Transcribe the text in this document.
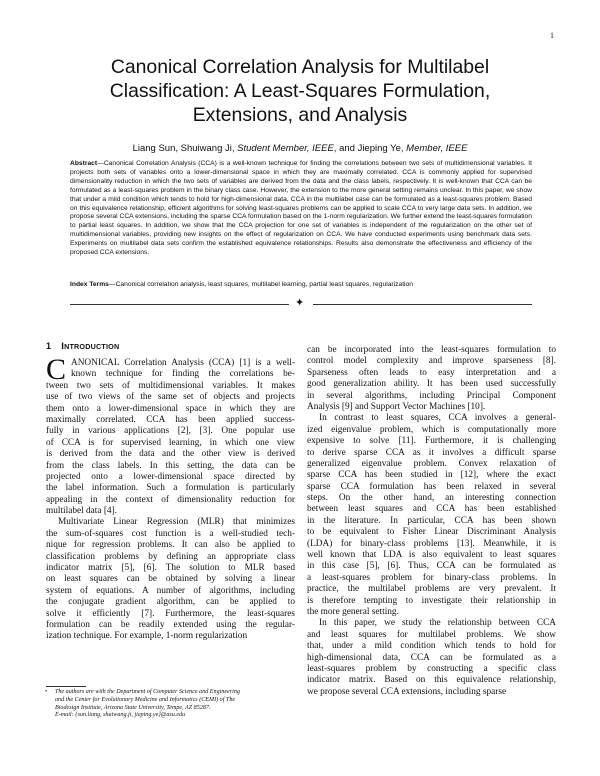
1
Canonical Correlation Analysis for Multilabel
Classification: A Least-Squares Formulation,
Extensions, and Analysis
Liang Sun, Shuiwang Ji, Student Member, IEEE, and Jieping Ye, Member, IEEE
Abstract—Canonical Correlation Analysis (CCA) is a well-known technique for finding the correlations between two sets of multidimensional variables. It projects both sets of variables onto a lower-dimensional space in which they are maximally correlated. CCA is commonly applied for supervised dimensionality reduction in which the two sets of variables are derived from the data and the class labels, respectively. It is well-known that CCA can be formulated as a least-squares problem in the binary class case. However, the extension to the more general setting remains unclear. In this paper, we show that under a mild condition which tends to hold for high-dimensional data, CCA in the multilabel case can be formulated as a least-squares problem. Based on this equivalence relationship, efficient algorithms for solving least-squares problems can be applied to scale CCA to very large data sets. In addition, we propose several CCA extensions, including the sparse CCA formulation based on the 1-norm regularization. We further extend the least-squares formulation to partial least squares. In addition, we show that the CCA projection for one set of variables is independent of the regularization on the other set of multidimensional variables, providing new insights on the effect of regularization on CCA. We have conducted experiments using benchmark data sets. Experiments on multilabel data sets confirm the established equivalence relationships. Results also demonstrate the effectiveness and efficiency of the proposed CCA extensions.
Index Terms—Canonical correlation analysis, least squares, multilabel learning, partial least squares, regularization
✦
1 INTRODUCTION
C ANONICAL Correlation Analysis (CCA) [1] is a well-
known technique for finding the correlations be-
tween two sets of multidimensional variables. It makes
use of two views of the same set of objects and projects
them onto a lower-dimensional space in which they are
maximally correlated. CCA has been applied success-
fully in various applications [2], [3]. One popular use
of CCA is for supervised learning, in which one view
is derived from the data and the other view is derived
from the class labels. In this setting, the data can be
projected onto a lower-dimensional space directed by
the label information. Such a formulation is particularly
appealing in the context of dimensionality reduction for
multilabel data [4].
Multivariate Linear Regression (MLR) that minimizes
the sum-of-squares cost function is a well-studied tech-
nique for regression problems. It can also be applied to
classification problems by defining an appropriate class
indicator matrix [5], [6]. The solution to MLR based
on least squares can be obtained by solving a linear
system of equations. A number of algorithms, including
the conjugate gradient algorithm, can be applied to
solve it efficiently [7]. Furthermore, the least-squares
formulation can be readily extended using the regular-
ization technique. For example, 1-norm regularization
can be incorporated into the least-squares formulation to
control model complexity and improve sparseness [8].
Sparseness often leads to easy interpretation and a
good generalization ability. It has been used successfully
in several algorithms, including Principal Component
Analysis [9] and Support Vector Machines [10].
In contrast to least squares, CCA involves a general-
ized eigenvalue problem, which is computationally more
expensive to solve [11]. Furthermore, it is challenging
to derive sparse CCA as it involves a difficult sparse
generalized eigenvalue problem. Convex relaxation of
sparse CCA has been studied in [12], where the exact
sparse CCA formulation has been relaxed in several
steps. On the other hand, an interesting connection
between least squares and CCA has been established
in the literature. In particular, CCA has been shown
to be equivalent to Fisher Linear Discriminant Analysis
(LDA) for binary-class problems [13]. Meanwhile, it is
well known that LDA is also equivalent to least squares
in this case [5], [6]. Thus, CCA can be formulated as
a least-squares problem for binary-class problems. In
practice, the multilabel problems are very prevalent. It
is therefore tempting to investigate their relationship in
the more general setting.
In this paper, we study the relationship between CCA
and least squares for multilabel problems. We show
that, under a mild condition which tends to hold for
high-dimensional data, CCA can be formulated as a
least-squares problem by constructing a specific class
indicator matrix. Based on this equivalence relationship,
we propose several CCA extensions, including sparse
•	The authors are with the Department of Computer Science and Engineering
and the Center for Evolutionary Medicine and Informatics (CEMI) of The
Biodesign Institute, Arizona State University, Tempe, AZ 85287.
E-mail: {sun.liang, shuiwang.ji, jieping.ye}@asu.edu
